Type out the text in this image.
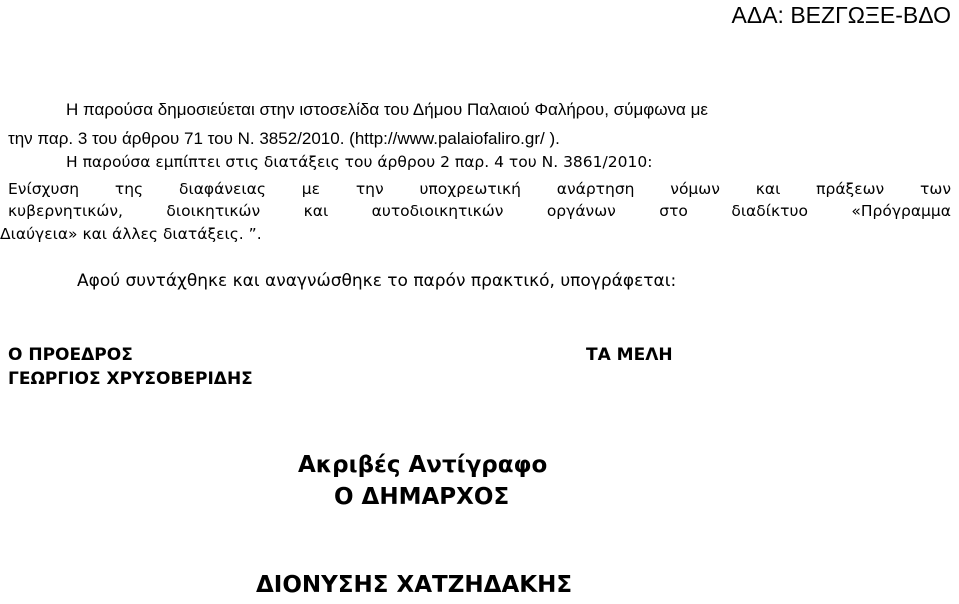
ΑΔΑ: ΒΕΖΓΩΞΕ-ΒΔΟ
Η παρούσα δημοσιεύεται στην ιστοσελίδα του Δήμου Παλαιού Φαλήρου, σύμφωνα με
την παρ. 3 του άρθρου 71 του Ν. 3852/2010. (http://www.palaiofaliro.gr/ ).
Η παρούσα εμπίπτει στις διατάξεις του άρθρου 2 παρ. 4 του Ν. 3861/2010:
Ενίσχυση της διαφάνειας με την υποχρεωτική ανάρτηση νόμων και πράξεων των
κυβερνητικών, διοικητικών και αυτοδιοικητικών οργάνων στο διαδίκτυο «Πρόγραμμα
Διαύγεια» και άλλες διατάξεις. ”.
Αφού συντάχθηκε και αναγνώσθηκε το παρόν πρακτικό, υπογράφεται:
Ο ΠΡΟΕΔΡΟΣ
ΓΕΩΡΓΙΟΣ ΧΡΥΣΟΒΕΡΙΔΗΣ
ΤΑ ΜΕΛΗ
Ακριβές Αντίγραφο
Ο ΔΗΜΑΡΧΟΣ
ΔΙΟΝΥΣΗΣ ΧΑΤΖΗΔΑΚΗΣ
